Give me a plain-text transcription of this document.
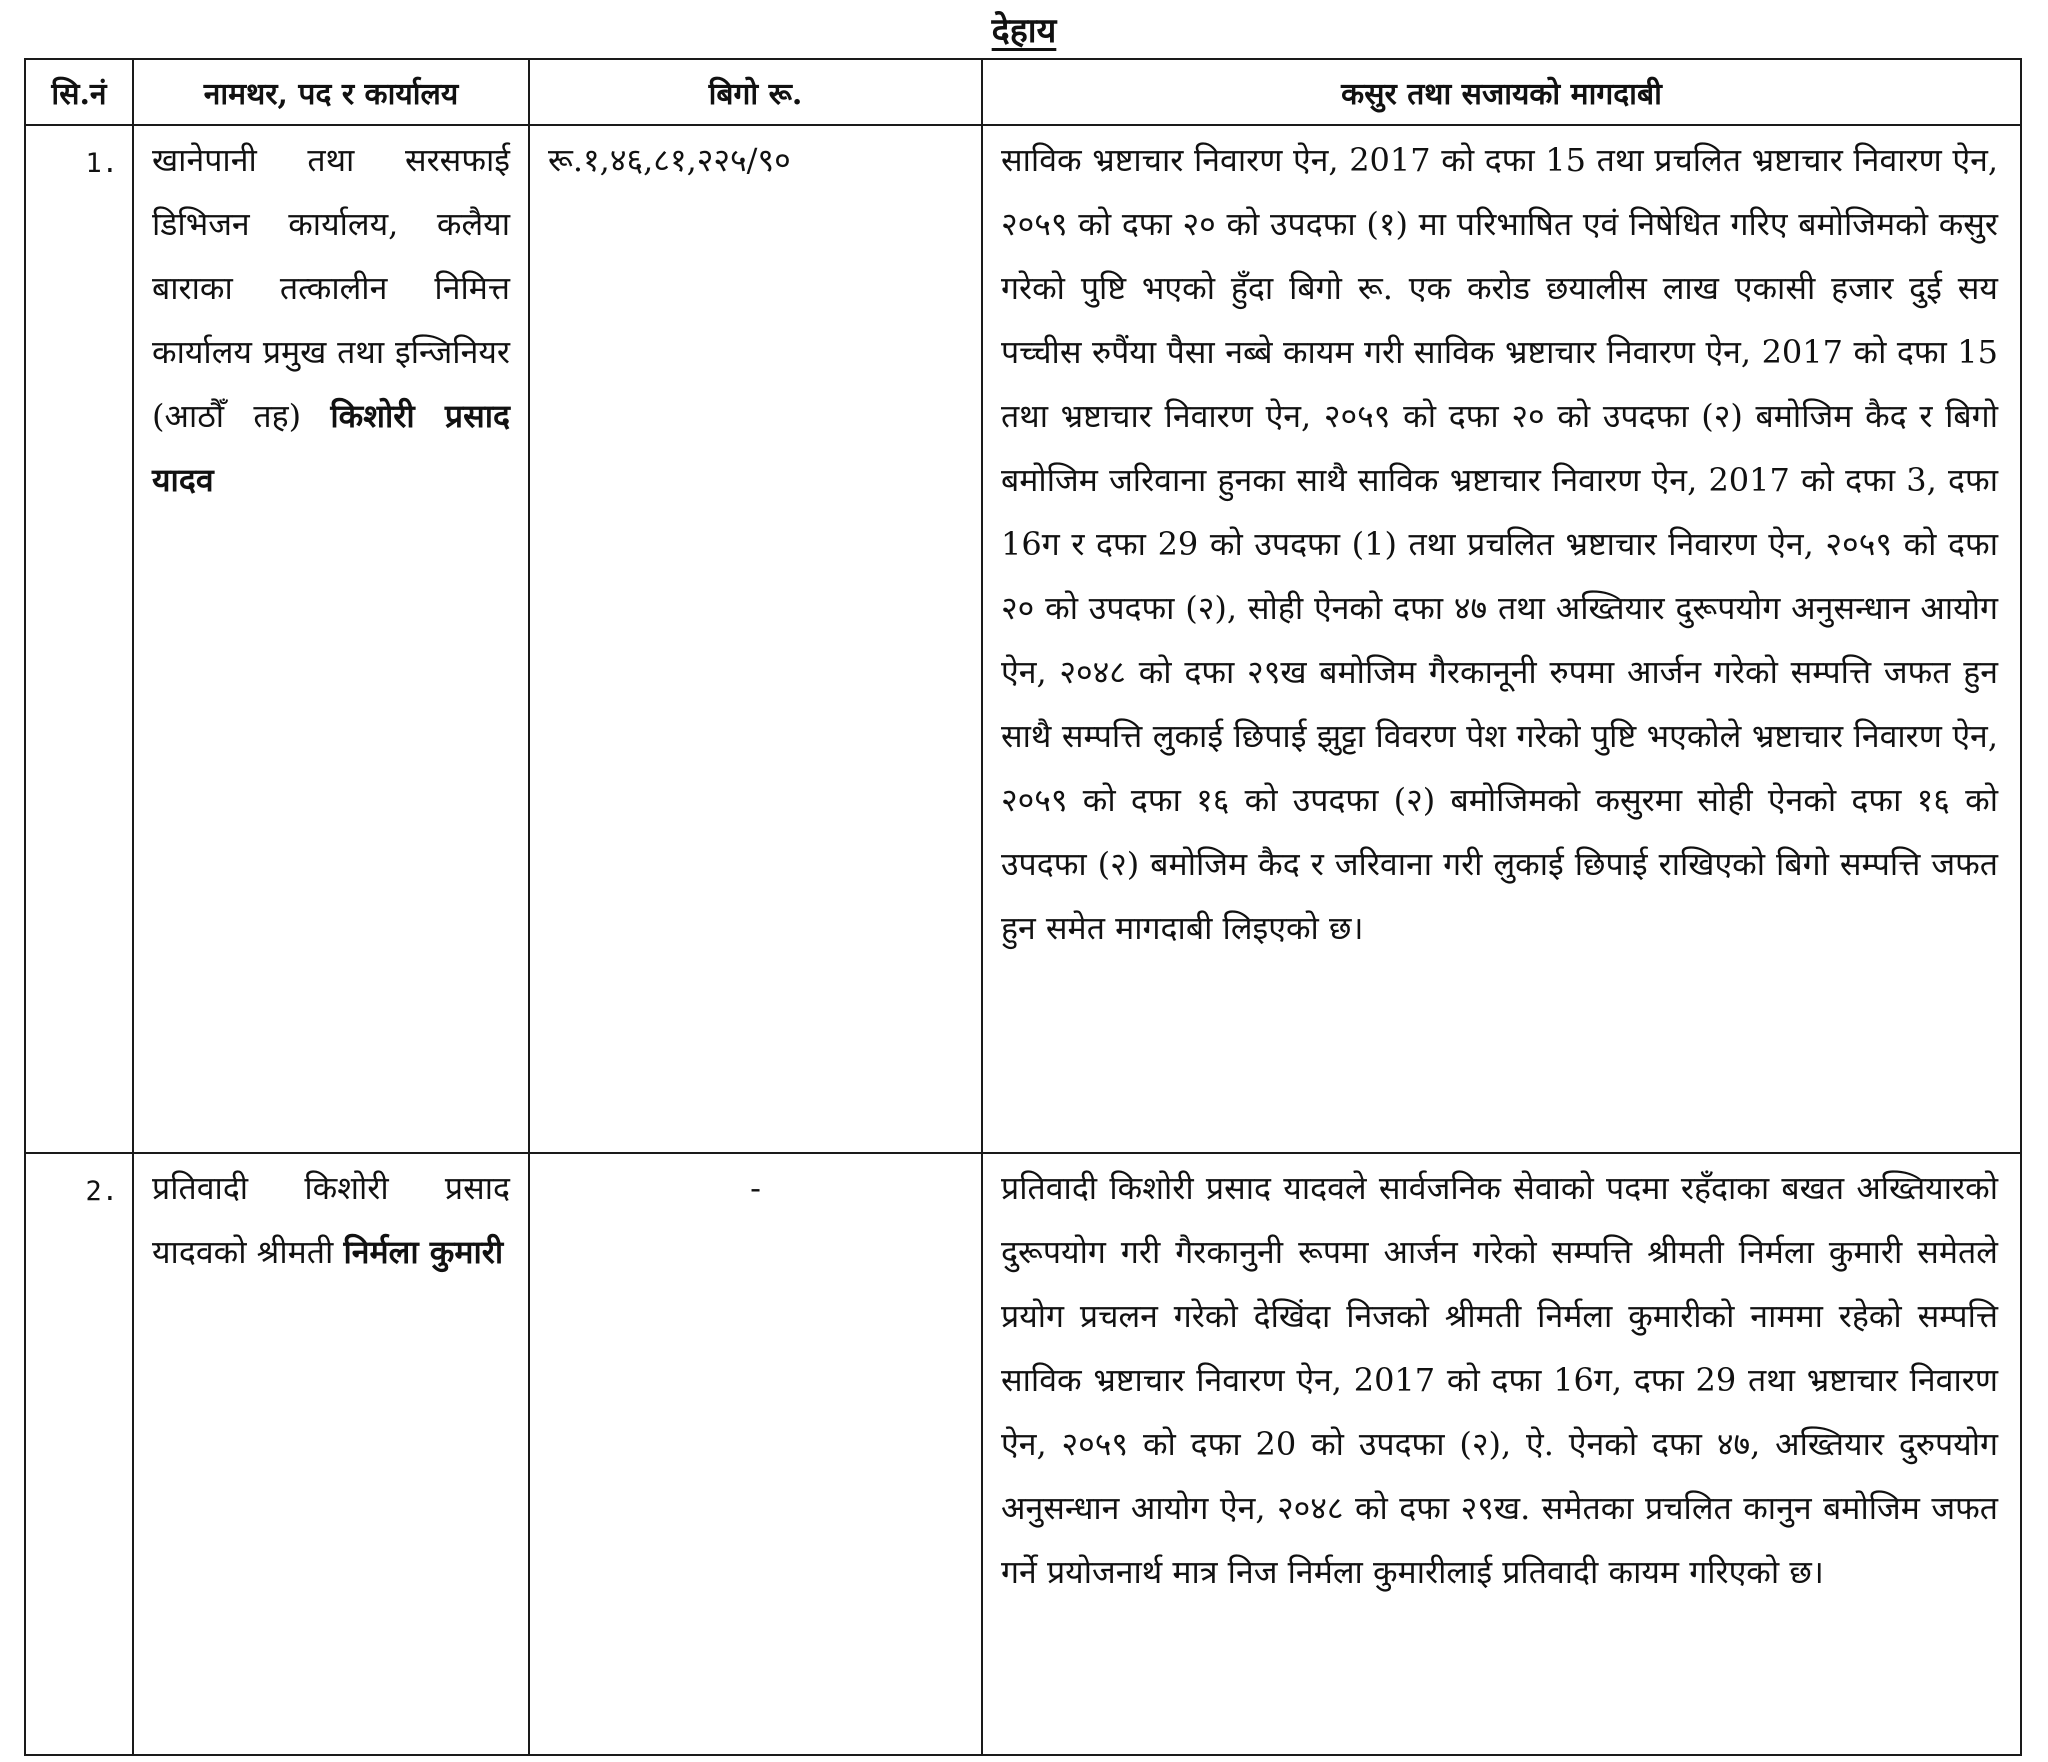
देहाय
सि.नं	नामथर, पद र कार्यालय	बिगो रू.	कसुर तथा सजायको मागदाबी
1.	खानेपानी तथा सरसफाई डिभिजन कार्यालय, कलैया बाराका तत्कालीन निमित्त कार्यालय प्रमुख तथा इन्जिनियर (आठौँ तह) किशोरी प्रसाद यादव	रू.१,४६,८१,२२५/९०	साविक भ्रष्टाचार निवारण ऐन, 2017 को दफा 15 तथा प्रचलित भ्रष्टाचार निवारण ऐन, २०५९ को दफा २० को उपदफा (१) मा परिभाषित एवं निषेधित गरिए बमोजिमको कसुर गरेको पुष्टि भएको हुँदा बिगो रू. एक करोड छयालीस लाख एकासी हजार दुई सय पच्चीस रुपैंया पैसा नब्बे कायम गरी साविक भ्रष्टाचार निवारण ऐन, 2017 को दफा 15 तथा भ्रष्टाचार निवारण ऐन, २०५९ को दफा २० को उपदफा (२) बमोजिम कैद र बिगो बमोजिम जरिवाना हुनका साथै साविक भ्रष्टाचार निवारण ऐन, 2017 को दफा 3, दफा 16ग र दफा 29 को उपदफा (1) तथा प्रचलित भ्रष्टाचार निवारण ऐन, २०५९ को दफा २० को उपदफा (२), सोही ऐनको दफा ४७ तथा अख्तियार दुरूपयोग अनुसन्धान आयोग ऐन, २०४८ को दफा २९ख बमोजिम गैरकानूनी रुपमा आर्जन गरेको सम्पत्ति जफत हुन साथै सम्पत्ति लुकाई छिपाई झुट्टा विवरण पेश गरेको पुष्टि भएकोले भ्रष्टाचार निवारण ऐन, २०५९ को दफा १६ को उपदफा (२) बमोजिमको कसुरमा सोही ऐनको दफा १६ को उपदफा (२) बमोजिम कैद र जरिवाना गरी लुकाई छिपाई राखिएको बिगो सम्पत्ति जफत हुन समेत मागदाबी लिइएको छ।
2.	प्रतिवादी किशोरी प्रसाद यादवको श्रीमती निर्मला कुमारी	-	प्रतिवादी किशोरी प्रसाद यादवले सार्वजनिक सेवाको पदमा रहँदाका बखत अख्तियारको दुरूपयोग गरी गैरकानुनी रूपमा आर्जन गरेको सम्पत्ति श्रीमती निर्मला कुमारी समेतले प्रयोग प्रचलन गरेको देखिंदा निजको श्रीमती निर्मला कुमारीको नाममा रहेको सम्पत्ति साविक भ्रष्टाचार निवारण ऐन, 2017 को दफा 16ग, दफा 29 तथा भ्रष्टाचार निवारण ऐन, २०५९ को दफा 20 को उपदफा (२), ऐ. ऐनको दफा ४७, अख्तियार दुरुपयोग अनुसन्धान आयोग ऐन, २०४८ को दफा २९ख. समेतका प्रचलित कानुन बमोजिम जफत गर्ने प्रयोजनार्थ मात्र निज निर्मला कुमारीलाई प्रतिवादी कायम गरिएको छ।
